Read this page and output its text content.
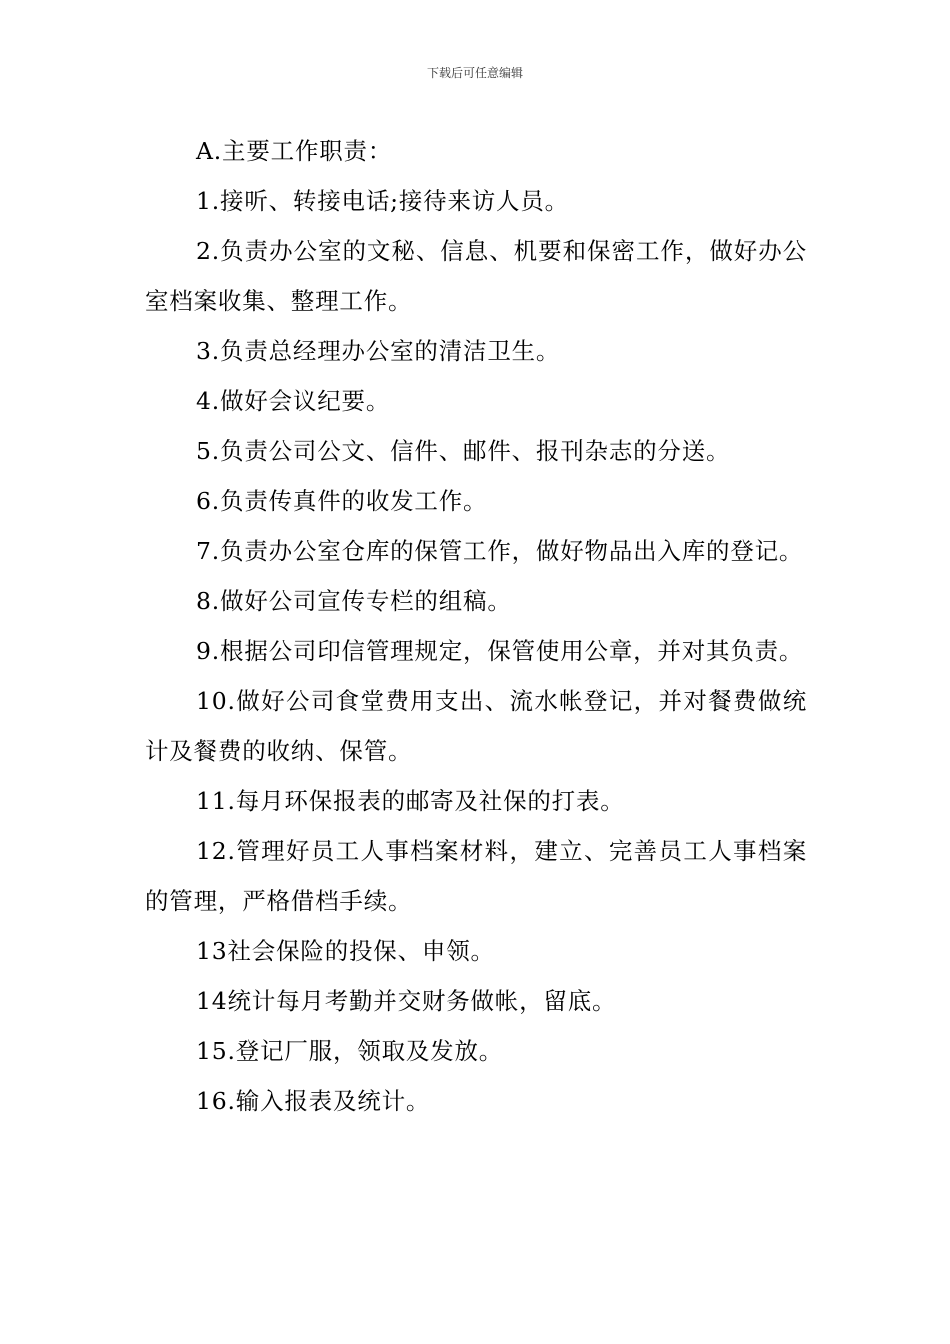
下载后可任意编辑

A.主要工作职责：

1.接听、转接电话;接待来访人员。

2.负责办公室的文秘、信息、机要和保密工作，做好办公室档案收集、整理工作。

3.负责总经理办公室的清洁卫生。

4.做好会议纪要。

5.负责公司公文、信件、邮件、报刊杂志的分送。

6.负责传真件的收发工作。

7.负责办公室仓库的保管工作，做好物品出入库的登记。

8.做好公司宣传专栏的组稿。

9.根据公司印信管理规定，保管使用公章，并对其负责。

10.做好公司食堂费用支出、流水帐登记，并对餐费做统计及餐费的收纳、保管。

11.每月环保报表的邮寄及社保的打表。

12.管理好员工人事档案材料，建立、完善员工人事档案的管理，严格借档手续。

13社会保险的投保、申领。

14统计每月考勤并交财务做帐，留底。

15.登记厂服，领取及发放。

16.输入报表及统计。
